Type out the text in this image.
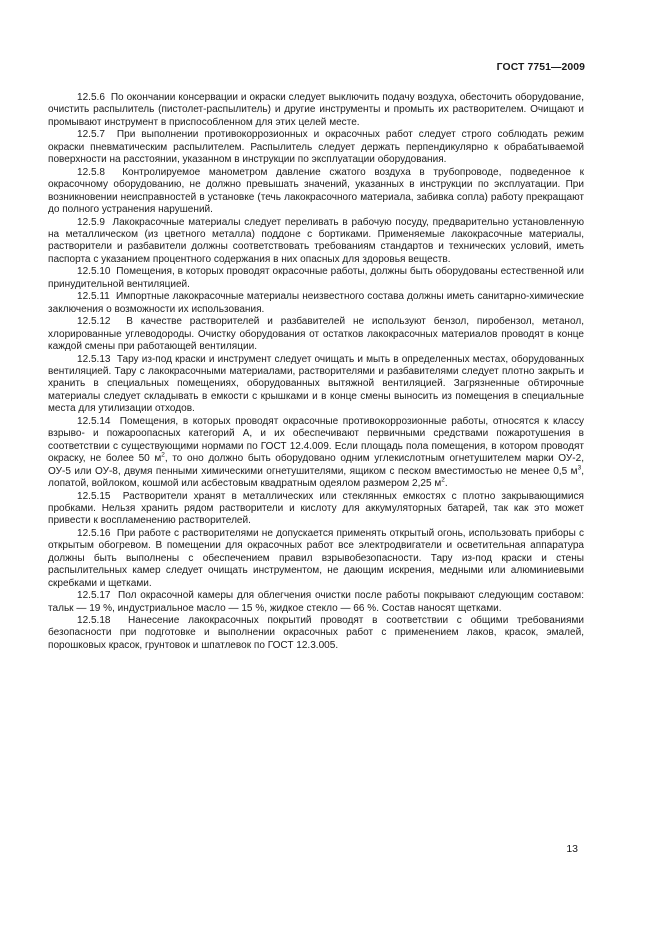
ГОСТ 7751—2009

12.5.6 По окончании консервации и окраски следует выключить подачу воздуха, обесточить оборудование, очистить распылитель (пистолет-распылитель) и другие инструменты и промыть их растворителем. Очищают и промывают инструмент в приспособленном для этих целей месте.

12.5.7 При выполнении противокоррозионных и окрасочных работ следует строго соблюдать режим окраски пневматическим распылителем. Распылитель следует держать перпендикулярно к обрабатываемой поверхности на расстоянии, указанном в инструкции по эксплуатации оборудования.

12.5.8 Контролируемое манометром давление сжатого воздуха в трубопроводе, подведенное к окрасочному оборудованию, не должно превышать значений, указанных в инструкции по эксплуатации. При возникновении неисправностей в установке (течь лакокрасочного материала, забивка сопла) работу прекращают до полного устранения нарушений.

12.5.9 Лакокрасочные материалы следует переливать в рабочую посуду, предварительно установленную на металлическом (из цветного металла) поддоне с бортиками. Применяемые лакокрасочные материалы, растворители и разбавители должны соответствовать требованиям стандартов и технических условий, иметь паспорта с указанием процентного содержания в них опасных для здоровья веществ.

12.5.10 Помещения, в которых проводят окрасочные работы, должны быть оборудованы естественной или принудительной вентиляцией.

12.5.11 Импортные лакокрасочные материалы неизвестного состава должны иметь санитарно-химические заключения о возможности их использования.

12.5.12 В качестве растворителей и разбавителей не используют бензол, пиробензол, метанол, хлорированные углеводороды. Очистку оборудования от остатков лакокрасочных материалов проводят в конце каждой смены при работающей вентиляции.

12.5.13 Тару из-под краски и инструмент следует очищать и мыть в определенных местах, оборудованных вентиляцией. Тару с лакокрасочными материалами, растворителями и разбавителями следует плотно закрыть и хранить в специальных помещениях, оборудованных вытяжной вентиляцией. Загрязненные обтирочные материалы следует складывать в емкости с крышками и в конце смены выносить из помещения в специальные места для утилизации отходов.

12.5.14 Помещения, в которых проводят окрасочные противокоррозионные работы, относятся к классу взрыво- и пожароопасных категорий А, и их обеспечивают первичными средствами пожаротушения в соответствии с существующими нормами по ГОСТ 12.4.009. Если площадь пола помещения, в котором проводят окраску, не более 50 $м^2$, то оно должно быть оборудовано одним углекислотным огнетушителем марки ОУ-2, ОУ-5 или ОУ-8, двумя пенными химическими огнетушителями, ящиком с песком вместимостью не менее 0,5 $м^3$, лопатой, войлоком, кошмой или асбестовым квадратным одеялом размером 2,25 $м^2$.

12.5.15 Растворители хранят в металлических или стеклянных емкостях с плотно закрывающимися пробками. Нельзя хранить рядом растворители и кислоту для аккумуляторных батарей, так как это может привести к воспламенению растворителей.

12.5.16 При работе с растворителями не допускается применять открытый огонь, использовать приборы с открытым обогревом. В помещении для окрасочных работ все электродвигатели и осветительная аппаратура должны быть выполнены с обеспечением правил взрывобезопасности. Тару из-под краски и стены распылительных камер следует очищать инструментом, не дающим искрения, медными или алюминиевыми скребками и щетками.

12.5.17 Пол окрасочной камеры для облегчения очистки после работы покрывают следующим составом: тальк — 19 %, индустриальное масло — 15 %, жидкое стекло — 66 %. Состав наносят щетками.

12.5.18 Нанесение лакокрасочных покрытий проводят в соответствии с общими требованиями безопасности при подготовке и выполнении окрасочных работ с применением лаков, красок, эмалей, порошковых красок, грунтовок и шпатлевок по ГОСТ 12.3.005.

13
